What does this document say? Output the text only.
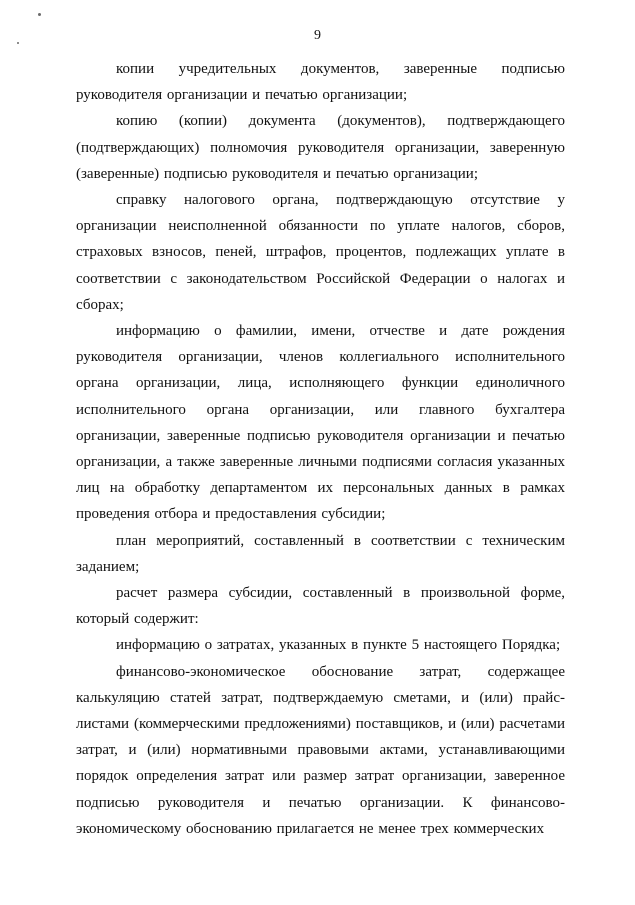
9

копии учредительных документов, заверенные подписью руководителя организации и печатью организации;

копию (копии) документа (документов), подтверждающего (подтверждающих) полномочия руководителя организации, заверенную (заверенные) подписью руководителя и печатью организации;

справку налогового органа, подтверждающую отсутствие у организации неисполненной обязанности по уплате налогов, сборов, страховых взносов, пеней, штрафов, процентов, подлежащих уплате в соответствии с законодательством Российской Федерации о налогах и сборах;

информацию о фамилии, имени, отчестве и дате рождения руководителя организации, членов коллегиального исполнительного органа организации, лица, исполняющего функции единоличного исполнительного органа организации, или главного бухгалтера организации, заверенные подписью руководителя организации и печатью организации, а также заверенные личными подписями согласия указанных лиц на обработку департаментом их персональных данных в рамках проведения отбора и предоставления субсидии;

план мероприятий, составленный в соответствии с техническим заданием;

расчет размера субсидии, составленный в произвольной форме, который содержит:

информацию о затратах, указанных в пункте 5 настоящего Порядка;

финансово-экономическое обоснование затрат, содержащее калькуляцию статей затрат, подтверждаемую сметами, и (или) прайс-листами (коммерческими предложениями) поставщиков, и (или) расчетами затрат, и (или) нормативными правовыми актами, устанавливающими порядок определения затрат или размер затрат организации, заверенное подписью руководителя и печатью организации. К финансово-экономическому обоснованию прилагается не менее трех коммерческих
